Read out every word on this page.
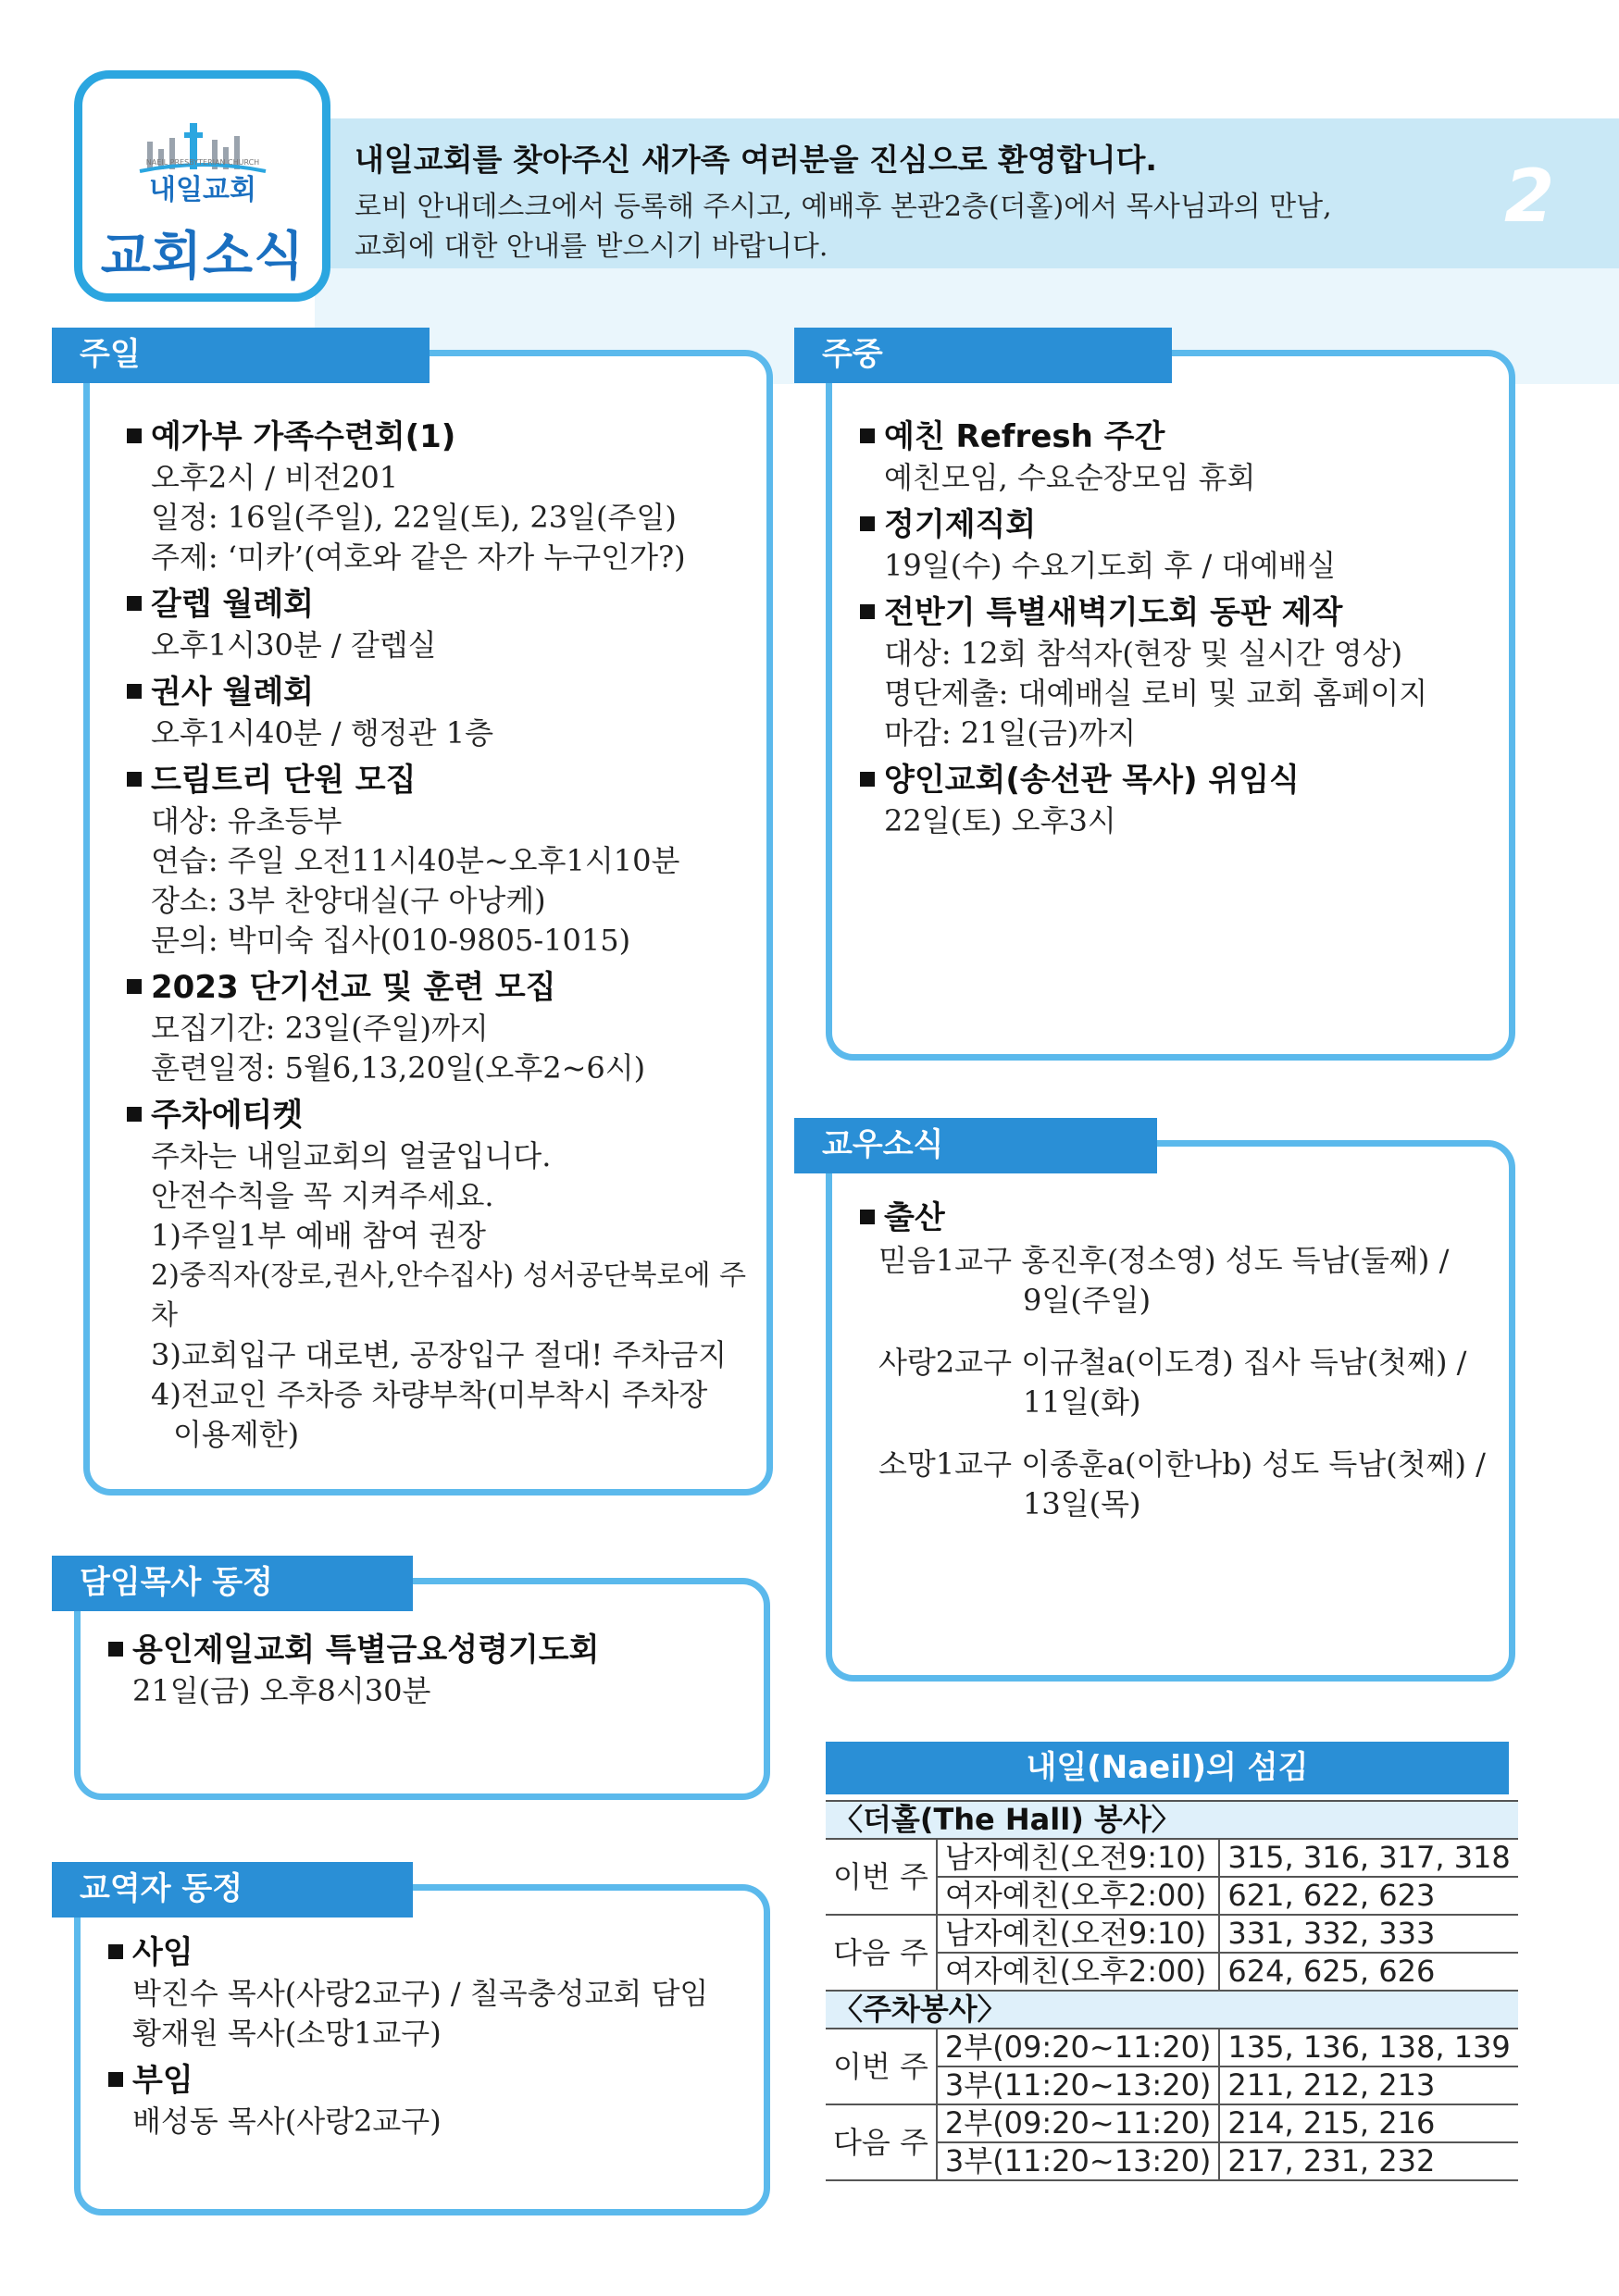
NAEIL PRESBYTERIAN CHURCH
내일교회
교회소식
내일교회를 찾아주신 새가족 여러분을 진심으로 환영합니다.
로비 안내데스크에서 등록해 주시고, 예배후 본관2층(더홀)에서 목사님과의 만남,
교회에 대한 안내를 받으시기 바랍니다.
2
예가부 가족수련회(1)
오후2시 / 비전201
일정: 16일(주일), 22일(토), 23일(주일)
주제: ‘미카’(여호와 같은 자가 누구인가?)
갈렙 월례회
오후1시30분 / 갈렙실
권사 월례회
오후1시40분 / 행정관 1층
드림트리 단원 모집
대상: 유초등부
연습: 주일 오전11시40분~오후1시10분
장소: 3부 찬양대실(구 아낭케)
문의: 박미숙 집사(010-9805-1015)
2023 단기선교 및 훈련 모집
모집기간: 23일(주일)까지
훈련일정: 5월6,13,20일(오후2~6시)
주차에티켓
주차는 내일교회의 얼굴입니다.
안전수칙을 꼭 지켜주세요.
1)주일1부 예배 참여 권장
2)중직자(장로,권사,안수집사) 성서공단북로에 주차
3)교회입구 대로변, 공장입구 절대! 주차금지
4)전교인 주차증 차량부착(미부착시 주차장
이용제한)
주일
예친 Refresh 주간
예친모임, 수요순장모임 휴회
정기제직회
19일(수) 수요기도회 후 / 대예배실
전반기 특별새벽기도회 동판 제작
대상: 12회 참석자(현장 및 실시간 영상)
명단제출: 대예배실 로비 및 교회 홈페이지
마감: 21일(금)까지
양인교회(송선관 목사) 위임식
22일(토) 오후3시
주중
출산
믿음1교구 홍진후(정소영) 성도 득남(둘째) /
9일(주일)
사랑2교구 이규철a(이도경) 집사 득남(첫째) /
11일(화)
소망1교구 이종훈a(이한나b) 성도 득남(첫째) /
13일(목)
교우소식
용인제일교회 특별금요성령기도회
21일(금) 오후8시30분
담임목사 동정
사임
박진수 목사(사랑2교구) / 칠곡충성교회 담임
황재원 목사(소망1교구)
부임
배성동 목사(사랑2교구)
교역자 동정
내일(Naeil)의 섬김
〈더홀(The Hall) 봉사〉		
이번 주	남자예친(오전9:10)	315, 316, 317, 318
	여자예친(오후2:00)	621, 622, 623
다음 주	남자예친(오전9:10)	331, 332, 333
	여자예친(오후2:00)	624, 625, 626
〈주차봉사〉		
이번 주	2부(09:20~11:20)	135, 136, 138, 139
	3부(11:20~13:20)	211, 212, 213
다음 주	2부(09:20~11:20)	214, 215, 216
	3부(11:20~13:20)	217, 231, 232
